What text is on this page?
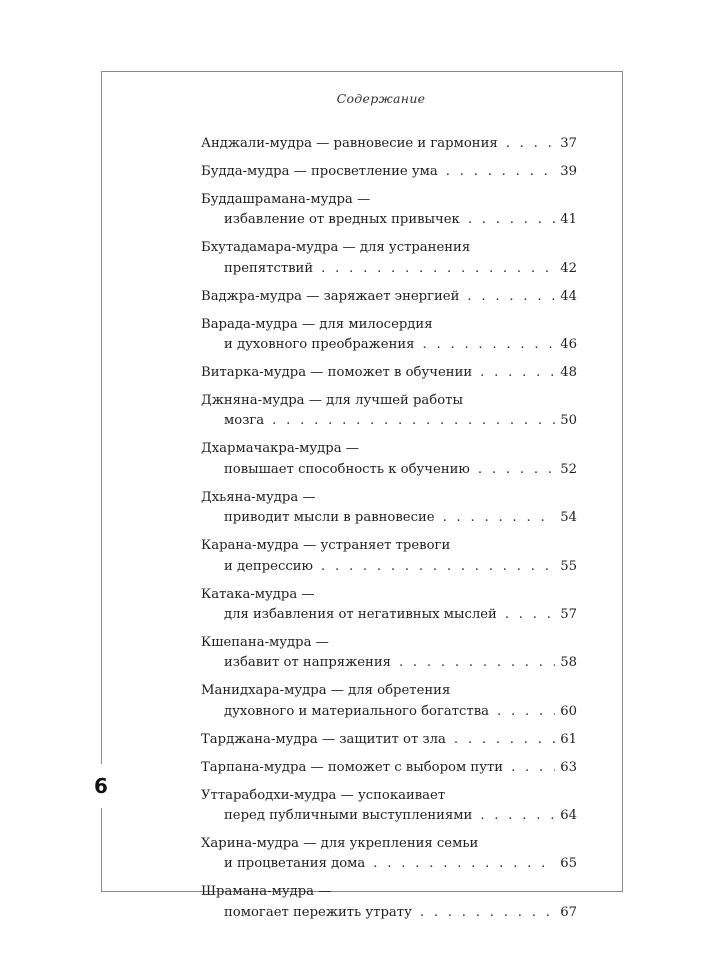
6
Содержание
Анджали-мудра — равновесие и гармония . . .	37
Будда-мудра — просветление ума . . .	39
Буддашрамана-мудра —
избавление от вредных привычек . . .	41
Бхутадамара-мудра — для устранения
препятствий . . .	42
Ваджра-мудра — заряжает энергией . . .	44
Варада-мудра — для милосердия
и духовного преображения . . .	46
Витарка-мудра — поможет в обучении . . .	48
Джняна-мудра — для лучшей работы
мозга . . .	50
Дхармачакра-мудра —
повышает способность к обучению . . .	52
Дхьяна-мудра —
приводит мысли в равновесие . . .	54
Карана-мудра — устраняет тревоги
и депрессию . . .	55
Катака-мудра —
для избавления от негативных мыслей . . .	57
Кшепана-мудра —
избавит от напряжения . . .	58
Манидхара-мудра — для обретения
духовного и материального богатства . . .	60
Тарджана-мудра — защитит от зла . . .	61
Тарпана-мудра — поможет с выбором пути . . .	63
Уттарабодхи-мудра — успокаивает
перед публичными выступлениями . . .	64
Харина-мудра — для укрепления семьи
и процветания дома . . .	65
Шрамана-мудра —
помогает пережить утрату . . .	67
